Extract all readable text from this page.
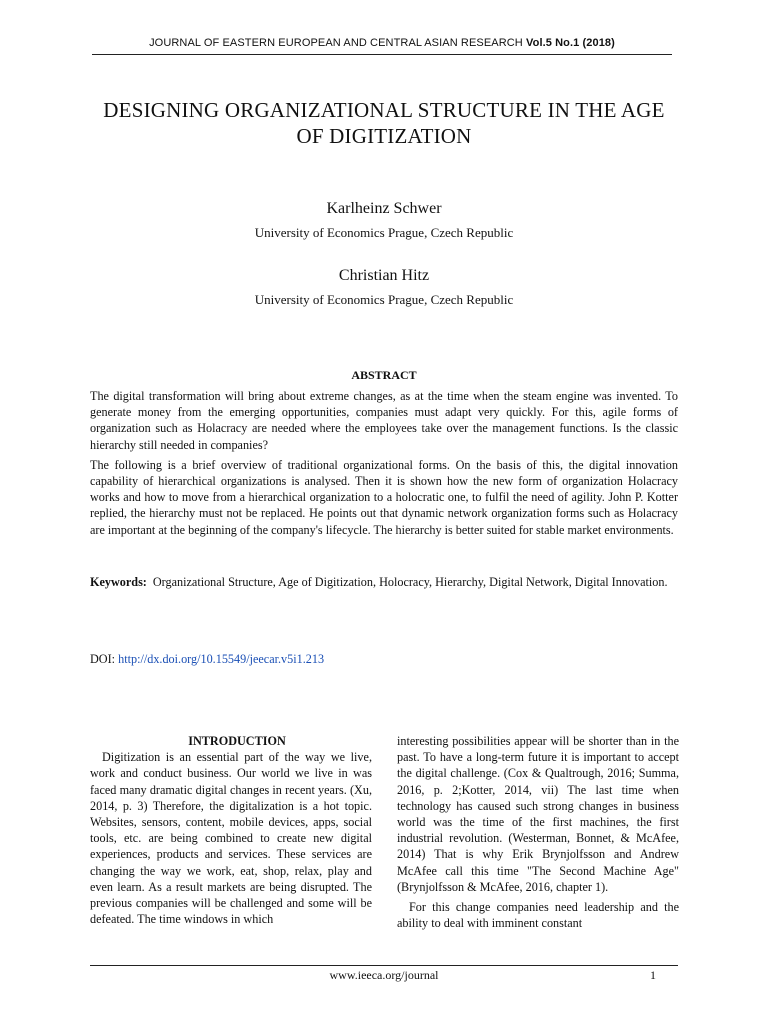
JOURNAL OF EASTERN EUROPEAN AND CENTRAL ASIAN RESEARCH Vol.5 No.1 (2018)
DESIGNING ORGANIZATIONAL STRUCTURE IN THE AGE OF DIGITIZATION
Karlheinz Schwer
University of Economics Prague, Czech Republic
Christian Hitz
University of Economics Prague, Czech Republic
ABSTRACT

The digital transformation will bring about extreme changes, as at the time when the steam engine was invented. To generate money from the emerging opportunities, companies must adapt very quickly. For this, agile forms of organization such as Holacracy are needed where the employees take over the management functions. Is the classic hierarchy still needed in companies?

The following is a brief overview of traditional organizational forms. On the basis of this, the digital innovation capability of hierarchical organizations is analysed. Then it is shown how the new form of organization Holacracy works and how to move from a hierarchical organization to a holocratic one, to fulfil the need of agility. John P. Kotter replied, the hierarchy must not be replaced. He points out that dynamic network organization forms such as Holacracy are important at the beginning of the company's lifecycle. The hierarchy is better suited for stable market environments.

Keywords: Organizational Structure, Age of Digitization, Holocracy, Hierarchy, Digital Network, Digital Innovation.
DOI: http://dx.doi.org/10.15549/jeecar.v5i1.213

INTRODUCTION

Digitization is an essential part of the way we live, work and conduct business. Our world we live in was faced many dramatic digital changes in recent years. (Xu, 2014, p. 3) Therefore, the digitalization is a hot topic. Websites, sensors, content, mobile devices, apps, social tools, etc. are being combined to create new digital experiences, products and services. These services are changing the way we work, eat, shop, relax, play and even learn. As a result markets are being disrupted. The previous companies will be challenged and some will be defeated. The time windows in which

interesting possibilities appear will be shorter than in the past. To have a long-term future it is important to accept the digital challenge. (Cox & Qualtrough, 2016; Summa, 2016, p. 2;Kotter, 2014, vii) The last time when technology has caused such strong changes in business world was the time of the first machines, the first industrial revolution. (Westerman, Bonnet, & McAfee, 2014) That is why Erik Brynjolfsson and Andrew McAfee call this time "The Second Machine Age" (Brynjolfsson & McAfee, 2016, chapter 1).

For this change companies need leadership and the ability to deal with imminent constant

www.ieeca.org/journal	1
